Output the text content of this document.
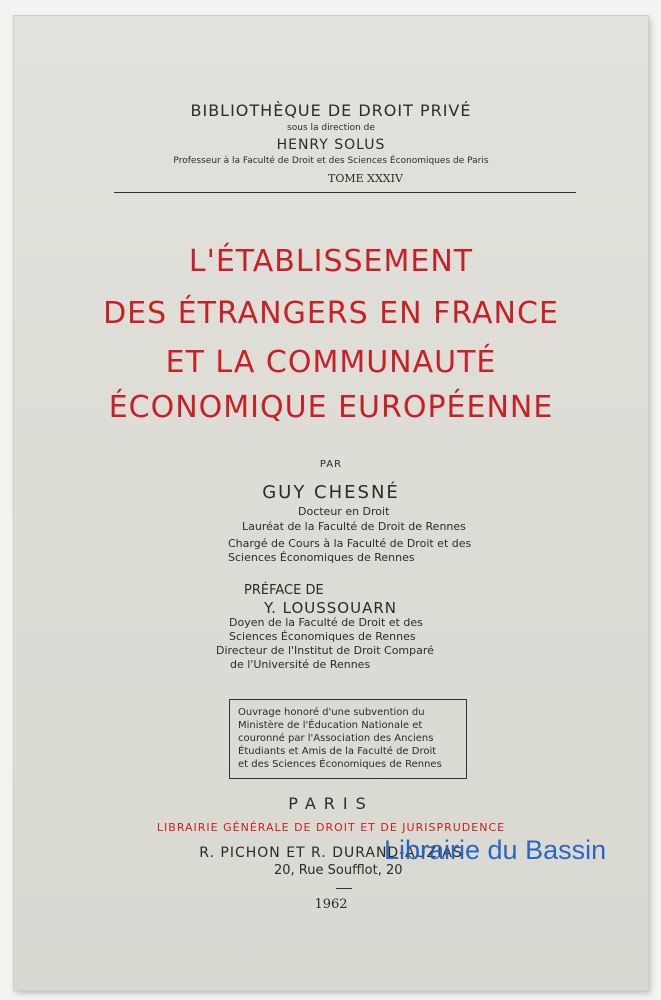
BIBLIOTHÈQUE DE DROIT PRIVÉ
sous la direction de
HENRY SOLUS
Professeur à la Faculté de Droit et des Sciences Économiques de Paris
TOME XXXIV
L'ÉTABLISSEMENT
DES ÉTRANGERS EN FRANCE
ET LA COMMUNAUTÉ
ÉCONOMIQUE EUROPÉENNE
PAR
GUY CHESNÉ
Docteur en Droit
Lauréat de la Faculté de Droit de Rennes
Chargé de Cours à la Faculté de Droit et des
Sciences Économiques de Rennes
PRÉFACE DE
Y. LOUSSOUARN
Doyen de la Faculté de Droit et des
Sciences Économiques de Rennes
Directeur de l'Institut de Droit Comparé
de l'Université de Rennes
Ouvrage honoré d'une subvention du
Ministère de l'Éducation Nationale et
couronné par l'Association des Anciens
Étudiants et Amis de la Faculté de Droit
et des Sciences Économiques de Rennes
PARIS
LIBRAIRIE GÉNÉRALE DE DROIT ET DE JURISPRUDENCE
R. PICHON ET R. DURAND-AUZIAS
20, Rue Soufflot, 20
1962
Librairie du Bassin
